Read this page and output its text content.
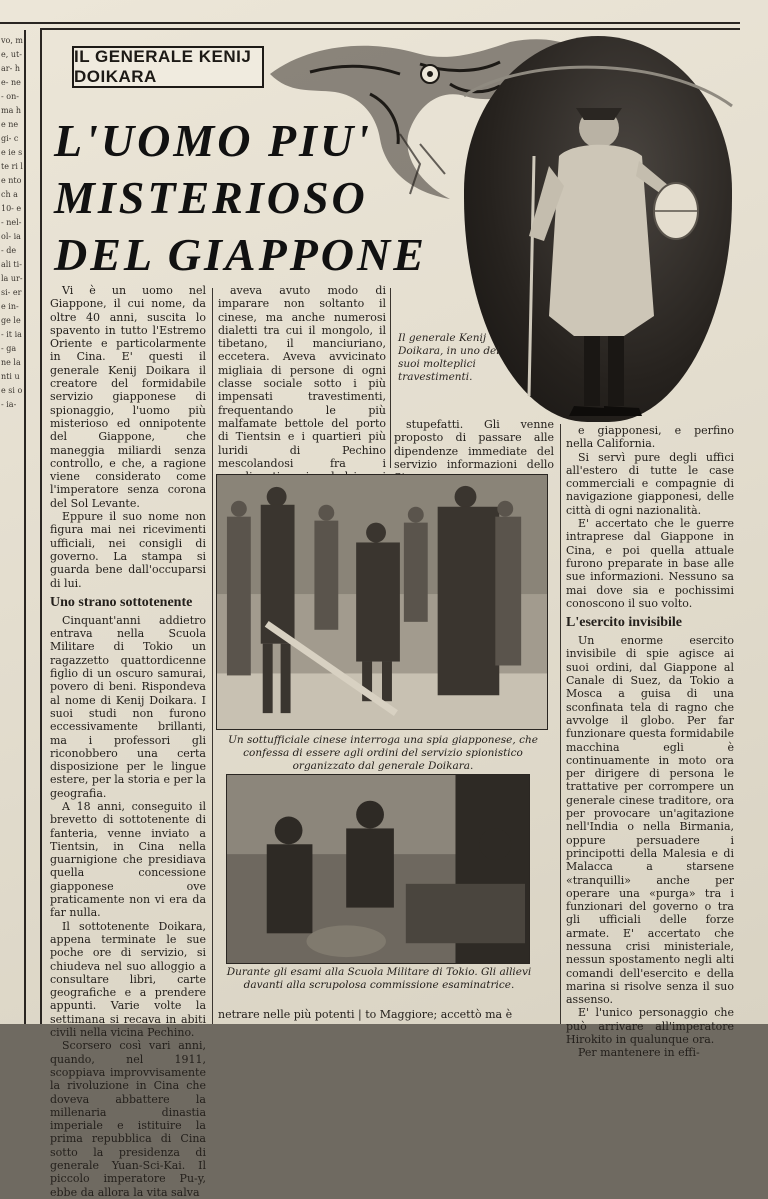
vo, me, ut- ar- he- ne- on- ma he ne gi- ce ie ste ri le nto ch a 10- e- nel- ol- ia- de ali ti- la ur- si- ere in- ge le- it ia- ga ne la nti ue si o- ia-
IL GENERALE KENIJ DOIKARA
L'UOMO PIU'
MISTERIOSO
DEL GIAPPONE
Il generale Kenij Doikara, in uno dei suoi molteplici travestimenti.

Vi è un uomo nel Giappone, il cui nome, da oltre 40 anni, suscita lo spavento in tutto l'Estremo Oriente e particolarmente in Cina. E' questi il generale Kenij Doikara il creatore del formidabile servizio giapponese di spionaggio, l'uomo più misterioso ed onnipotente del Giappone, che maneggia miliardi senza controllo, e che, a ragione viene considerato come l'imperatore senza corona del Sol Levante.

Eppure il suo nome non figura mai nei ricevimenti ufficiali, nei consigli di governo. La stampa si guarda bene dall'occuparsi di lui.

Uno strano sottotenente

Cinquant'anni addietro entrava nella Scuola Militare di Tokio un ragazzetto quattordicenne figlio di un oscuro samurai, povero di beni. Rispondeva al nome di Kenij Doikara. I suoi studi non furono eccessivamente brillanti, ma i professori gli riconobbero una certa disposizione per le lingue estere, per la storia e per la geografia.

A 18 anni, conseguito il brevetto di sottotenente di fanteria, venne inviato a Tientsin, in Cina nella guarnigione che presidiava quella concessione giapponese ove praticamente non vi era da far nulla.

Il sottotenente Doikara, appena terminate le sue poche ore di servizio, si chiudeva nel suo alloggio a consultare libri, carte geografiche e a prendere appunti. Varie volte la settimana si recava in abiti civili nella vicina Pechino.

Scorsero così vari anni, quando, nel 1911, scoppiava improvvisamente la rivoluzione in Cina che doveva abbattere la millenaria dinastia imperiale e istituire la prima repubblica di Cina sotto la presidenza di generale Yuan-Sci-Kai. Il piccolo imperatore Pu-y, ebbe da allora la vita salva

aveva avuto modo di imparare non soltanto il cinese, ma anche numerosi dialetti tra cui il mongolo, il tibetano, il manciuriano, eccetera. Aveva avvicinato migliaia di persone di ogni classe sociale sotto i più impensati travestimenti, frequentando le più malfamate bettole del porto di Tientsin e i quartieri più luridi di Pechino mescolandosi fra i

stupefatti. Gli venne proposto di passare alle dipendenze immediate del servizio informazioni dello

e giapponesi, e perfino nella California.

Si servì pure degli uffici all'estero di tutte le case commerciali e compagnie di navigazione giapponesi, delle città di ogni nazionalità.

E' accertato che le guerre intraprese dal Giappone in Cina, e poi quella attuale furono preparate in base alle sue informazioni. Nessuno sa mai dove sia e pochissimi conoscono il suo volto.

L'esercito invisibile

Un enorme esercito invisibile di spie agisce ai suoi ordini, dal Giappone al Canale di Suez, da Tokio a Mosca a guisa di una sconfinata tela di ragno che avvolge il globo. Per far funzionare questa formidabile macchina egli è continuamente in moto ora per dirigere di persona le trattative per corrompere un generale cinese traditore, ora per provocare un'agitazione nell'India o nella Birmania, oppure persuadere i principotti della Malesia e di Malacca a starsene «tranquilli» anche per operare una «purga» tra i funzionari del governo o tra gli ufficiali delle forze armate. E' accertato che nessuna crisi ministeriale, nessun spostamento negli alti comandi dell'esercito e della marina si risolve senza il suo assenso.

E' l'unico personaggio che può arrivare all'imperatore Hirokito in qualunque ora.

Per mantenere in effi-

Un sottufficiale cinese interroga una spia giapponese, che confessa di essere agli ordini del servizio spionistico organizzato dal generale Doikara.
Durante gli esami alla Scuola Militare di Tokio. Gli allievi davanti alla scrupolosa commissione esaminatrice.
netrare nelle più potenti | to Maggiore; accettò ma è
